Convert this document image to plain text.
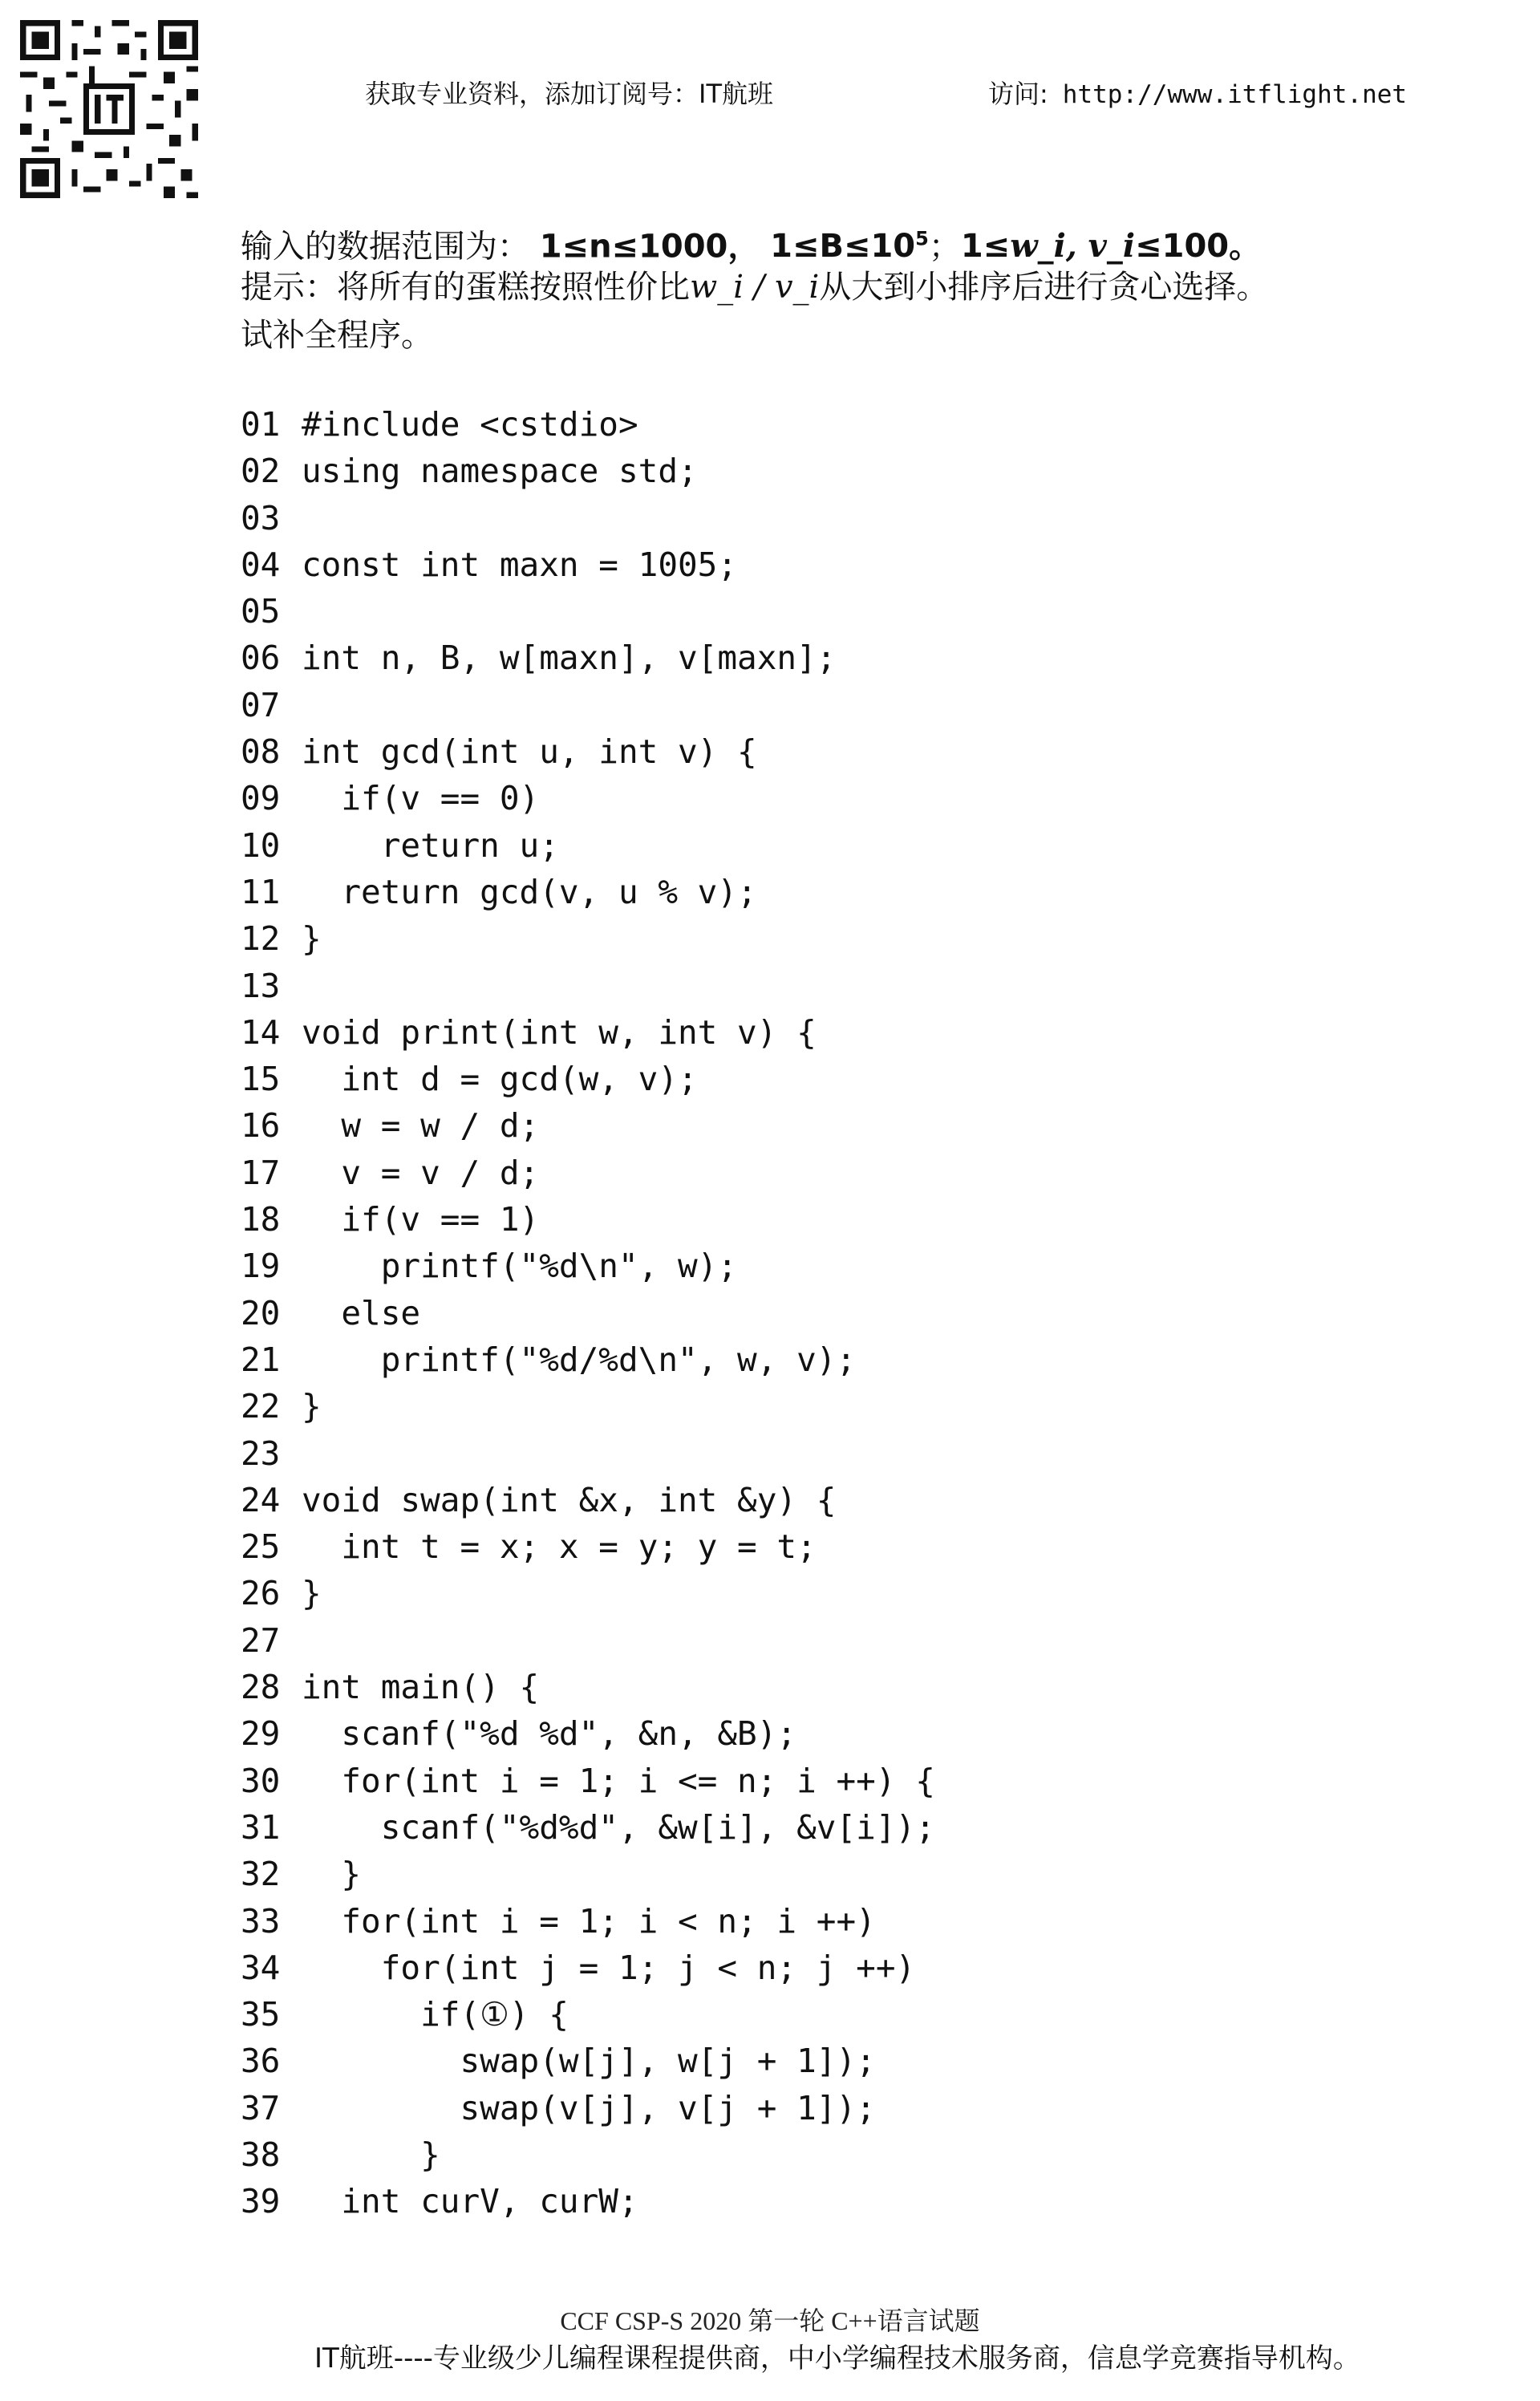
获取专业资料，添加订阅号：IT航班	访问: http://www.itflight.net
输入的数据范围为： 1≤n≤1000， $1\le B\le 10^5$；1≤w_i, v_i≤100。
提示：将所有的蛋糕按照性价比w_i / v_i从大到小排序后进行贪心选择。
试补全程序。
01 #include <cstdio>
02 using namespace std;
03
04 const int maxn = 1005;
05
06 int n, B, w[maxn], v[maxn];
07
08 int gcd(int u, int v) {
09  if(v == 0)
10    return u;
11  return gcd(v, u % v);
12 }
13
14 void print(int w, int v) {
15  int d = gcd(w, v);
16  w = w / d;
17  v = v / d;
18  if(v == 1)
19    printf("%d\n", w);
20  else
21    printf("%d/%d\n", w, v);
22 }
23
24 void swap(int &x, int &y) {
25  int t = x; x = y; y = t;
26 }
27
28 int main() {
29  scanf("%d %d", &n, &B);
30  for(int i = 1; i <= n; i ++) {
31    scanf("%d%d", &w[i], &v[i]);
32  }
33  for(int i = 1; i < n; i ++)
34    for(int j = 1; j < n; j ++)
35      if(①) {
36        swap(w[j], w[j + 1]);
37        swap(v[j], v[j + 1]);
38      }
39  int curV, curW;
CCF CSP-S 2020 第一轮 C++语言试题
IT航班----专业级少儿编程课程提供商，中小学编程技术服务商，信息学竞赛指导机构。
